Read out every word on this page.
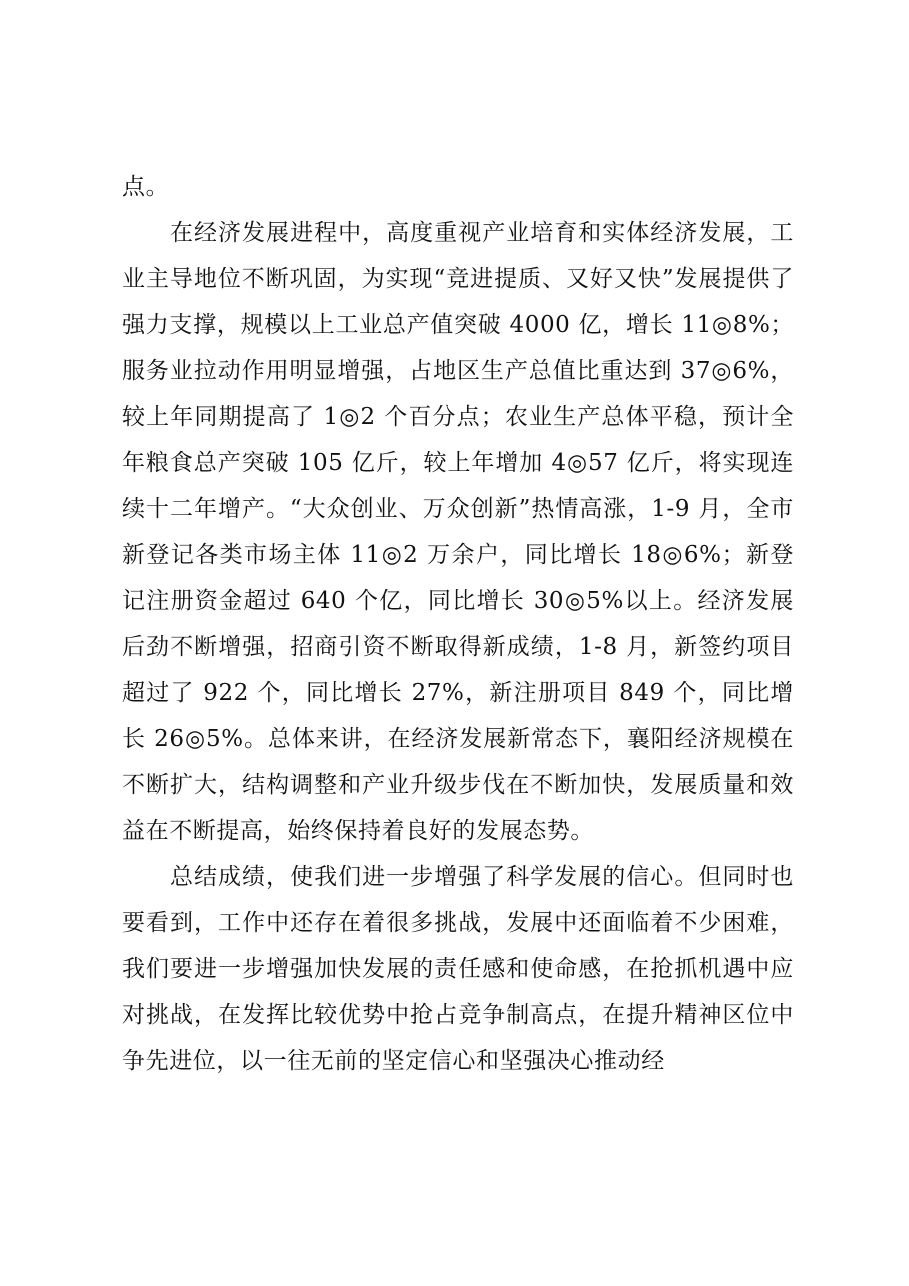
点。

在经济发展进程中，高度重视产业培育和实体经济发展，工业主导地位不断巩固，为实现“竞进提质、又好又快”发展提供了强力支撑，规模以上工业总产值突破 4000 亿，增长 11◎8%；服务业拉动作用明显增强，占地区生产总值比重达到 37◎6%，较上年同期提高了 1◎2 个百分点；农业生产总体平稳，预计全年粮食总产突破 105 亿斤，较上年增加 4◎57 亿斤，将实现连续十二年增产。“大众创业、万众创新”热情高涨，1-9 月，全市新登记各类市场主体 11◎2 万余户，同比增长 18◎6%；新登记注册资金超过 640 个亿，同比增长 30◎5%以上。经济发展后劲不断增强，招商引资不断取得新成绩，1-8 月，新签约项目超过了 922 个，同比增长 27%，新注册项目 849 个，同比增长 26◎5%。总体来讲，在经济发展新常态下，襄阳经济规模在不断扩大，结构调整和产业升级步伐在不断加快，发展质量和效益在不断提高，始终保持着良好的发展态势。

总结成绩，使我们进一步增强了科学发展的信心。但同时也要看到，工作中还存在着很多挑战，发展中还面临着不少困难，我们要进一步增强加快发展的责任感和使命感，在抢抓机遇中应对挑战，在发挥比较优势中抢占竞争制高点，在提升精神区位中争先进位，以一往无前的坚定信心和坚强决心推动经
